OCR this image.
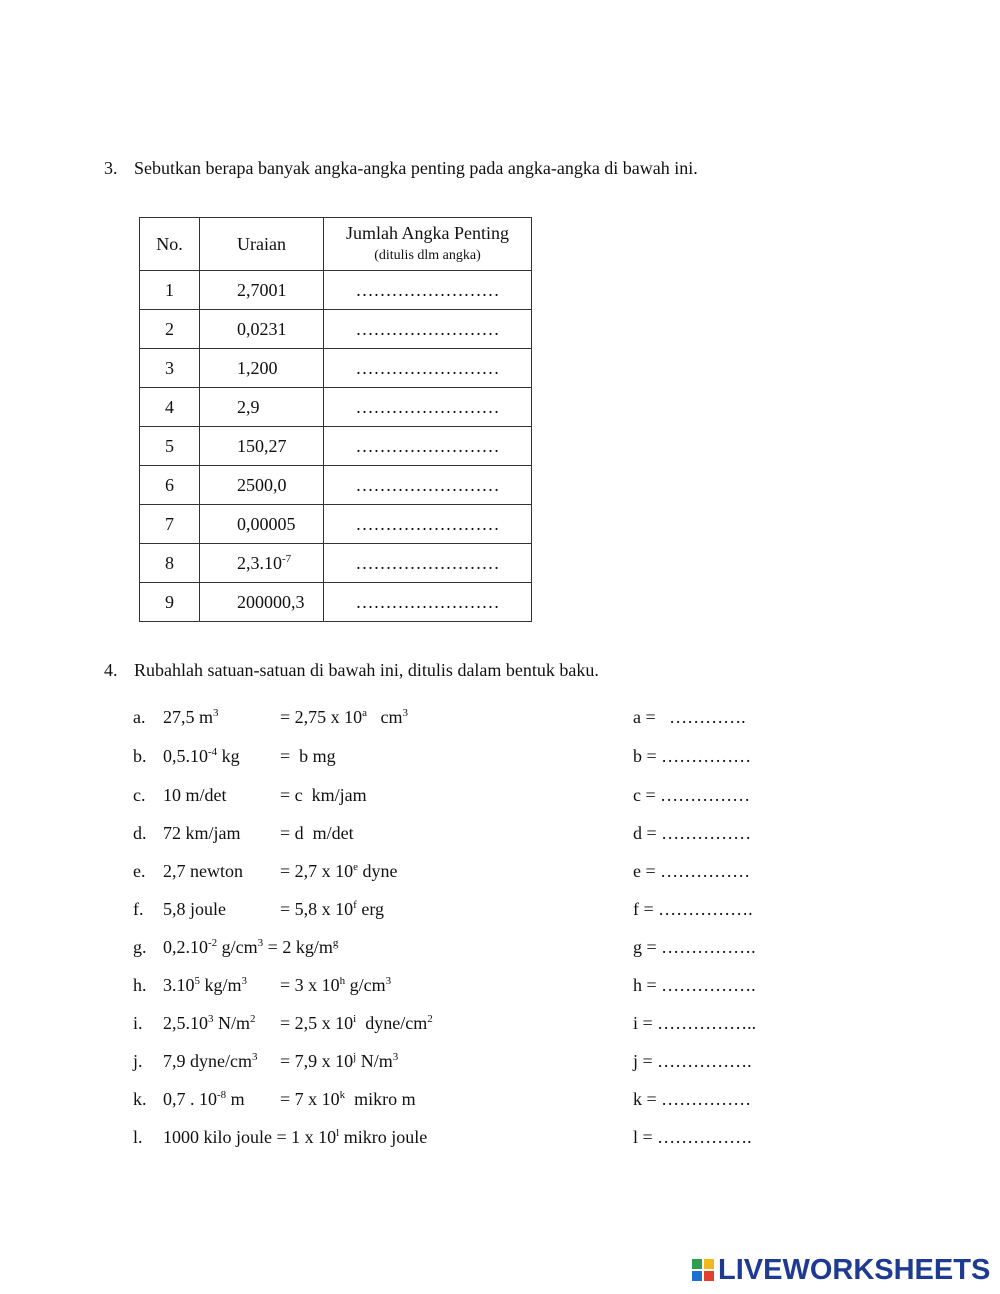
3. Sebutkan berapa banyak angka-angka penting pada angka-angka di bawah ini.
No.	Uraian	Jumlah Angka Penting
(ditulis dlm angka)

1	2,7001	……………………
2	0,0231	……………………
3	1,200	……………………
4	2,9	……………………
5	150,27	……………………
6	2500,0	……………………
7	0,00005	……………………
8	$2,3.10^{-7}$	……………………
9	200000,3	……………………
4. Rubahlah satuan-satuan di bawah ini, ditulis dalam bentuk baku.
a. 27,5 $m^3$	= 2,75 x 10$^a$   $cm^3$	a =   ………….
b. $0,5.10^{-4}$ kg =  b mg	b = ……………
c. 10 m/det	= c  km/jam	c = ……………
d. 72 km/jam = d  m/det	d = ……………
e. 2,7 newton = 2,7 x 10e dyne	e = ……………
f. 5,8 joule	= 5,8 x 10$^f$ erg	f = …………….
g. $0,2.10^{-2}$ $g/cm^3 = 2$ $kg/m^g$	g = …………….
h. 3.10$^5$ $kg/m^3 = 3$ x 10$^h$ $g/cm^3$	h = …………….
i. 2,5.10$^3$ $N/m^2 = 2,5$ x 10$^i$  dyne/$cm^2$	i = ……………..
j. 7,9 dyne/$cm^3 = 7,9$ x 10$^j$ $N/m^3$	j = …………….
k. 0,7 . $10^{-8}$ m = 7 x 10$^k$  mikro m	k = ……………
l. 1000 kilo joule = 1 x 10$^l$ mikro joule	l = …………….
LIVEWORKSHEETS
